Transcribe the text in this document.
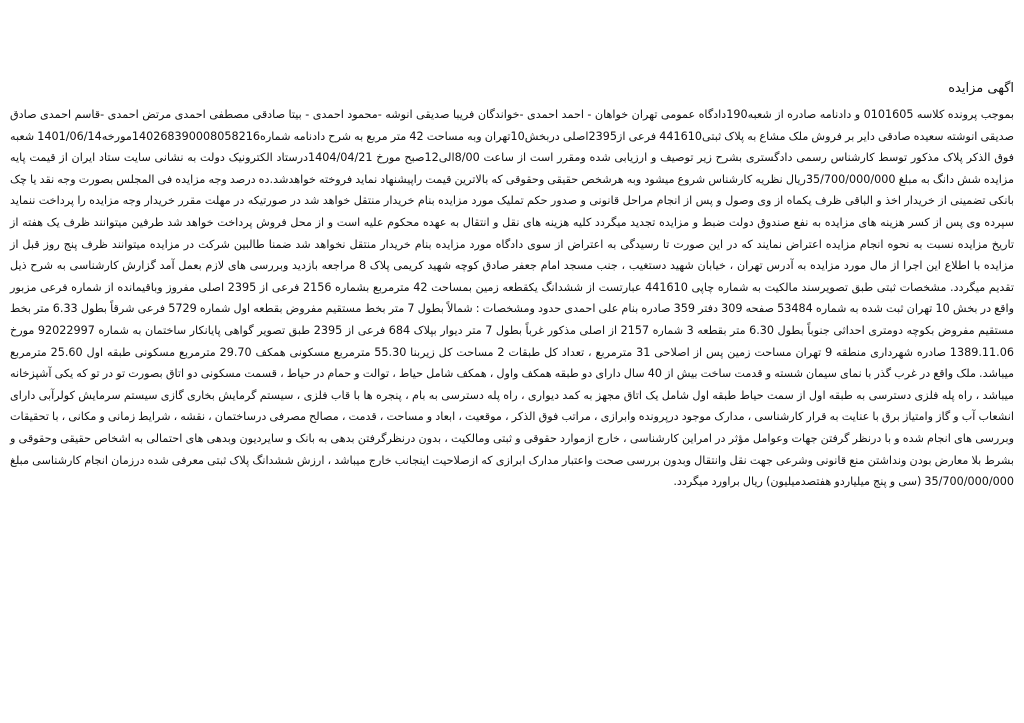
اگهی مزایده

بموجب پرونده کلاسه 0101605 و دادنامه صادره از شعبه190دادگاه عمومی تهران خواهان - احمد احمدی -خواندگان فریبا صدیقی انوشه -محمود احمدی - بیتا صادقی مصطفی احمدی مرتض احمدی -قاسم احمدی صادق صدیقی انوشته سعیده صادقی دایر بر فروش ملک مشاع به پلاک ثبتی441610 فرعی از2395اصلی دربخش10تهران وبه مساحت 42 متر مربع به شرح دادنامه شماره140268390008058216مورخه1401/06/14 شعبه فوق الذکر پلاک مذکور توسط کارشناس رسمی دادگستری بشرح زیر توصیف و ارزیابی شده ومقرر است از ساعت 8/00الی12صبح مورخ 1404/04/21درستاد الکترونیک دولت به نشانی سایت ستاد ایران از قیمت پایه مزایده شش دانگ به مبلغ 35/700/000/000ریال نظریه کارشناس شروع میشود وبه هرشخص حقیقی وحقوقی که بالاترین قیمت راپیشنهاد نماید فروخته خواهدشد.ده درصد وجه مزایده فی المجلس بصورت وجه نقد یا چک بانکی تضمینی از خریدار اخذ و الباقی ظرف یکماه از وی وصول و پس از انجام مراحل قانونی و صدور حکم تملیک مورد مزایده بنام خریدار منتقل خواهد شد در صورتیکه در مهلت مقرر خریدار وجه مزایده را پرداخت ننماید سپرده وی پس از کسر هزینه های مزایده به نفع صندوق دولت ضبط و مزایده تجدید میگردد کلیه هزینه های نقل و انتقال به عهده محکوم علیه است و از محل فروش پرداخت خواهد شد طرفین میتوانند ظرف یک هفته از تاریخ مزایده نسبت به نحوه انجام مزایده اعتراض نمایند که در این صورت تا رسیدگی به اعتراض از سوی دادگاه مورد مزایده بنام خریدار منتقل نخواهد شد ضمنا طالبین شرکت در مزایده میتوانند ظرف پنج روز قبل از مزایده با اطلاع این اجرا از مال مورد مزایده به آدرس تهران ، خیابان شهید دستغیب ، جنب مسجد امام جعفر صادق کوچه شهید کریمی پلاک 8 مراجعه بازدید وبررسی های لازم بعمل آمد گزارش کارشناسی به شرح ذیل تقدیم میگردد. مشخصات ثبتی طبق تصویرسند مالکیت به شماره چاپی 441610 عبارتست از ششدانگ یکقطعه زمین بمساحت 42 مترمربع بشماره 2156 فرعی از 2395 اصلی مفروز وباقیمانده از شماره فرعی مزبور واقع در بخش 10 تهران ثبت شده به شماره 53484 صفحه 309 دفتر 359 صادره بنام علی احمدی حدود ومشخصات : شمالاً بطول 7 متر بخط مستقیم مفروض بقطعه اول شماره 5729 فرعی شرقاً بطول 6.33 متر بخط مستقیم مفروض بکوچه دومتری احداثی جنوباً بطول 6.30 متر بقطعه 3 شماره 2157 از اصلی مذکور غرباً بطول 7 متر دیوار بپلاک 684 فرعی از 2395 طبق تصویر گواهی پایانکار ساختمان به شماره 92022997 مورخ 1389.11.06 صادره شهرداری منطقه 9 تهران مساحت زمین پس از اصلاحی 31 مترمربع ، تعداد کل طبقات 2 مساحت کل زیربنا 55.30 مترمربع مسکونی همکف 29.70 مترمربع مسکونی طبقه اول 25.60 مترمربع میباشد. ملک واقع در غرب گذر با نمای سیمان شسته و قدمت ساخت بیش از 40 سال دارای دو طبقه همکف واول ، همکف شامل حیاط ، توالت و حمام در حیاط ، قسمت مسکونی دو اتاق بصورت تو در تو که یکی آشپزخانه میباشد ، راه پله فلزی دسترسی به طبقه اول از سمت حیاط طبقه اول شامل یک اتاق مجهز به کمد دیواری ، راه پله دسترسی به بام ، پنجره ها با قاب فلزی ، سیستم گرمایش بخاری گازی سیستم سرمایش کولرآبی دارای انشعاب آب و گاز وامتیاز برق با عنایت به قرار کارشناسی ، مدارک موجود درپرونده وابرازی ، مراتب فوق الذکر ، موقعیت ، ابعاد و مساحت ، قدمت ، مصالح مصرفی درساختمان ، نقشه ، شرایط زمانی و مکانی ، با تحقیقات وبررسی های انجام شده و با درنظر گرفتن جهات وعوامل مؤثر در امراین کارشناسی ، خارج ازموارد حقوقی و ثبتی ومالکیت ، بدون درنظرگرفتن بدهی به بانک و سایردیون وبدهی های احتمالی به اشخاص حقیقی وحقوقی و بشرط بلا معارض بودن ونداشتن منع قانونی وشرعی جهت نقل وانتقال وبدون بررسی صحت واعتبار مدارک ابرازی که ازصلاحیت اینجانب خارج میباشد ، ارزش ششدانگ پلاک ثبتی معرفی شده درزمان انجام کارشناسی مبلغ 35/700/000/000 (سی و پنج میلیاردو هفتصدمیلیون) ریال براورد میگردد.
